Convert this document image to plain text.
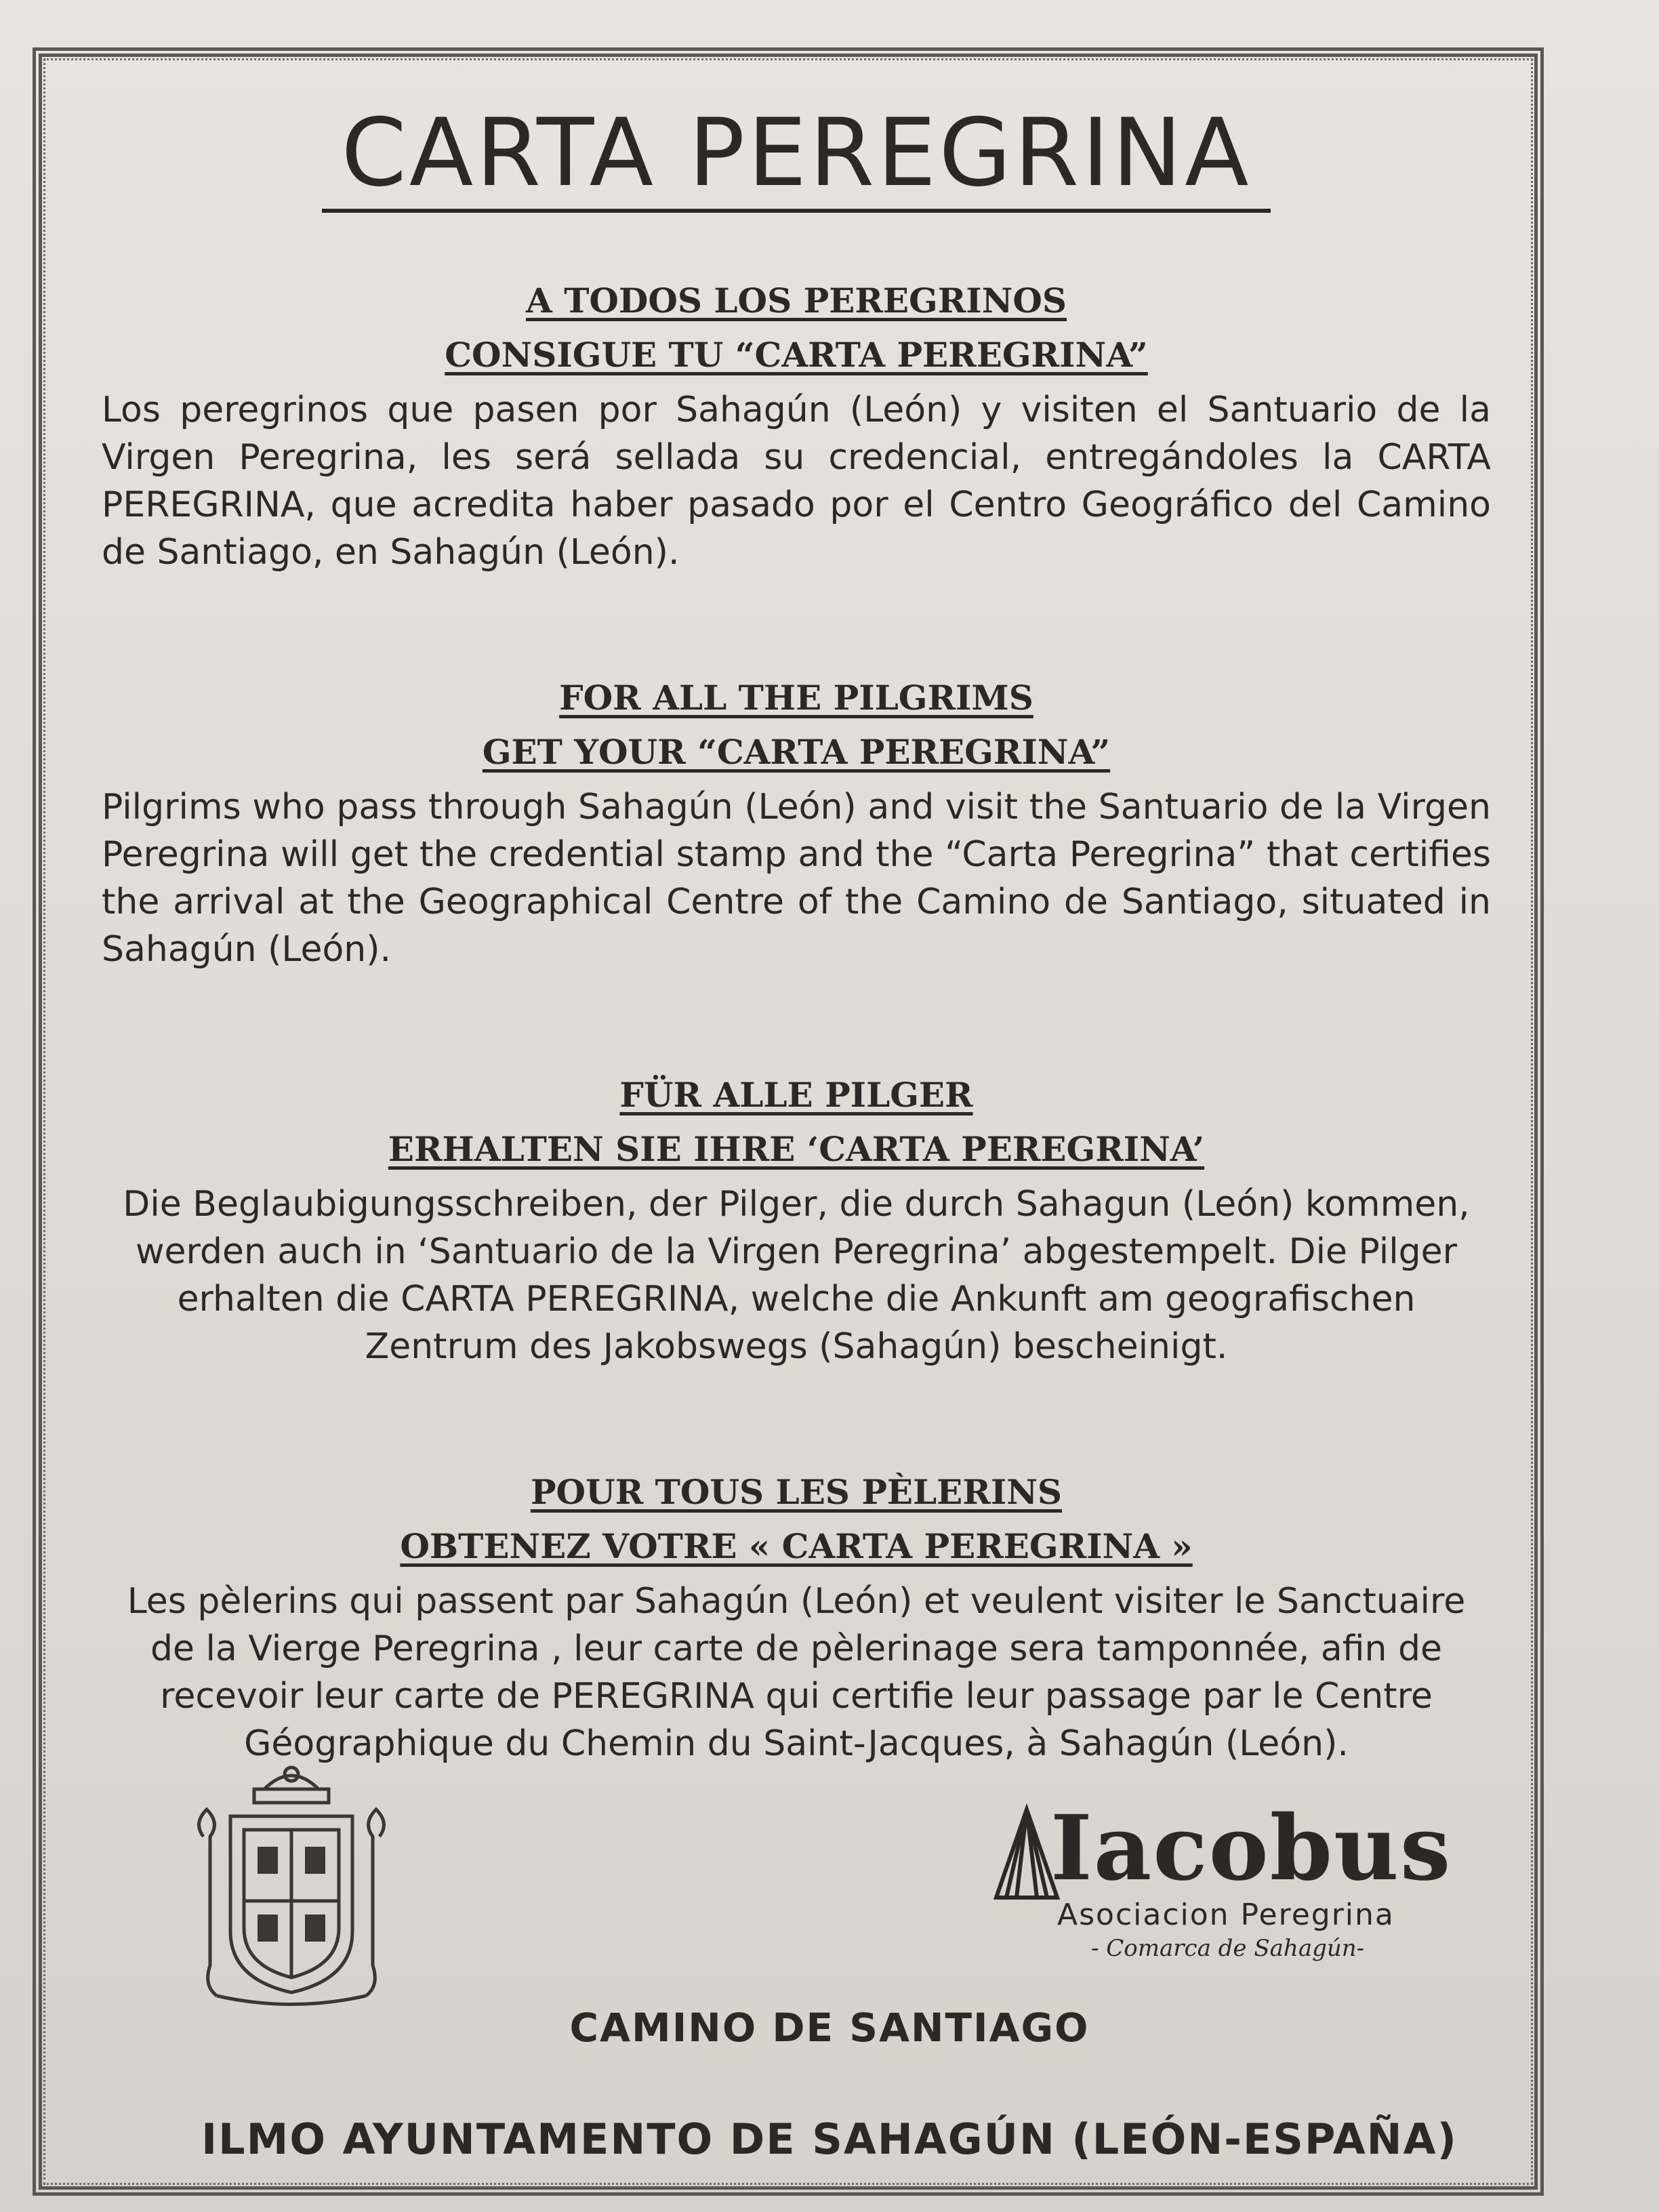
CARTA PEREGRINA
A TODOS LOS PEREGRINOS
CONSIGUE TU “CARTA PEREGRINA”
Los peregrinos que pasen por Sahagún (León) y visiten el Santuario de la Virgen Peregrina, les será sellada su credencial, entregándoles la CARTA PEREGRINA, que acredita haber pasado por el Centro Geográfico del Camino de Santiago, en Sahagún (León).
FOR ALL THE PILGRIMS
GET YOUR “CARTA PEREGRINA”
Pilgrims who pass through Sahagún (León) and visit the Santuario de la Virgen Peregrina will get the credential stamp and the “Carta Peregrina” that certifies the arrival at the Geographical Centre of the Camino de Santiago, situated in Sahagún (León).
FÜR ALLE PILGER
ERHALTEN SIE IHRE ‘CARTA PEREGRINA’
Die Beglaubigungsschreiben, der Pilger, die durch Sahagun (León) kommen, werden auch in ‘Santuario de la Virgen Peregrina’ abgestempelt. Die Pilger erhalten die CARTA PEREGRINA, welche die Ankunft am geografischen Zentrum des Jakobswegs (Sahagún) bescheinigt.
POUR TOUS LES PÈLERINS
OBTENEZ VOTRE « CARTA PEREGRINA »
Les pèlerins qui passent par Sahagún (León) et veulent visiter le Sanctuaire de la Vierge Peregrina , leur carte de pèlerinage sera tamponnée, afin de recevoir leur carte de PEREGRINA qui certifie leur passage par le Centre Géographique du Chemin du Saint-Jacques, à Sahagún (León).
Iacobus
Asociacion Peregrina
- Comarca de Sahagún-
CAMINO DE SANTIAGO
ILMO AYUNTAMENTO DE SAHAGÚN (LEÓN-ESPAÑA)
